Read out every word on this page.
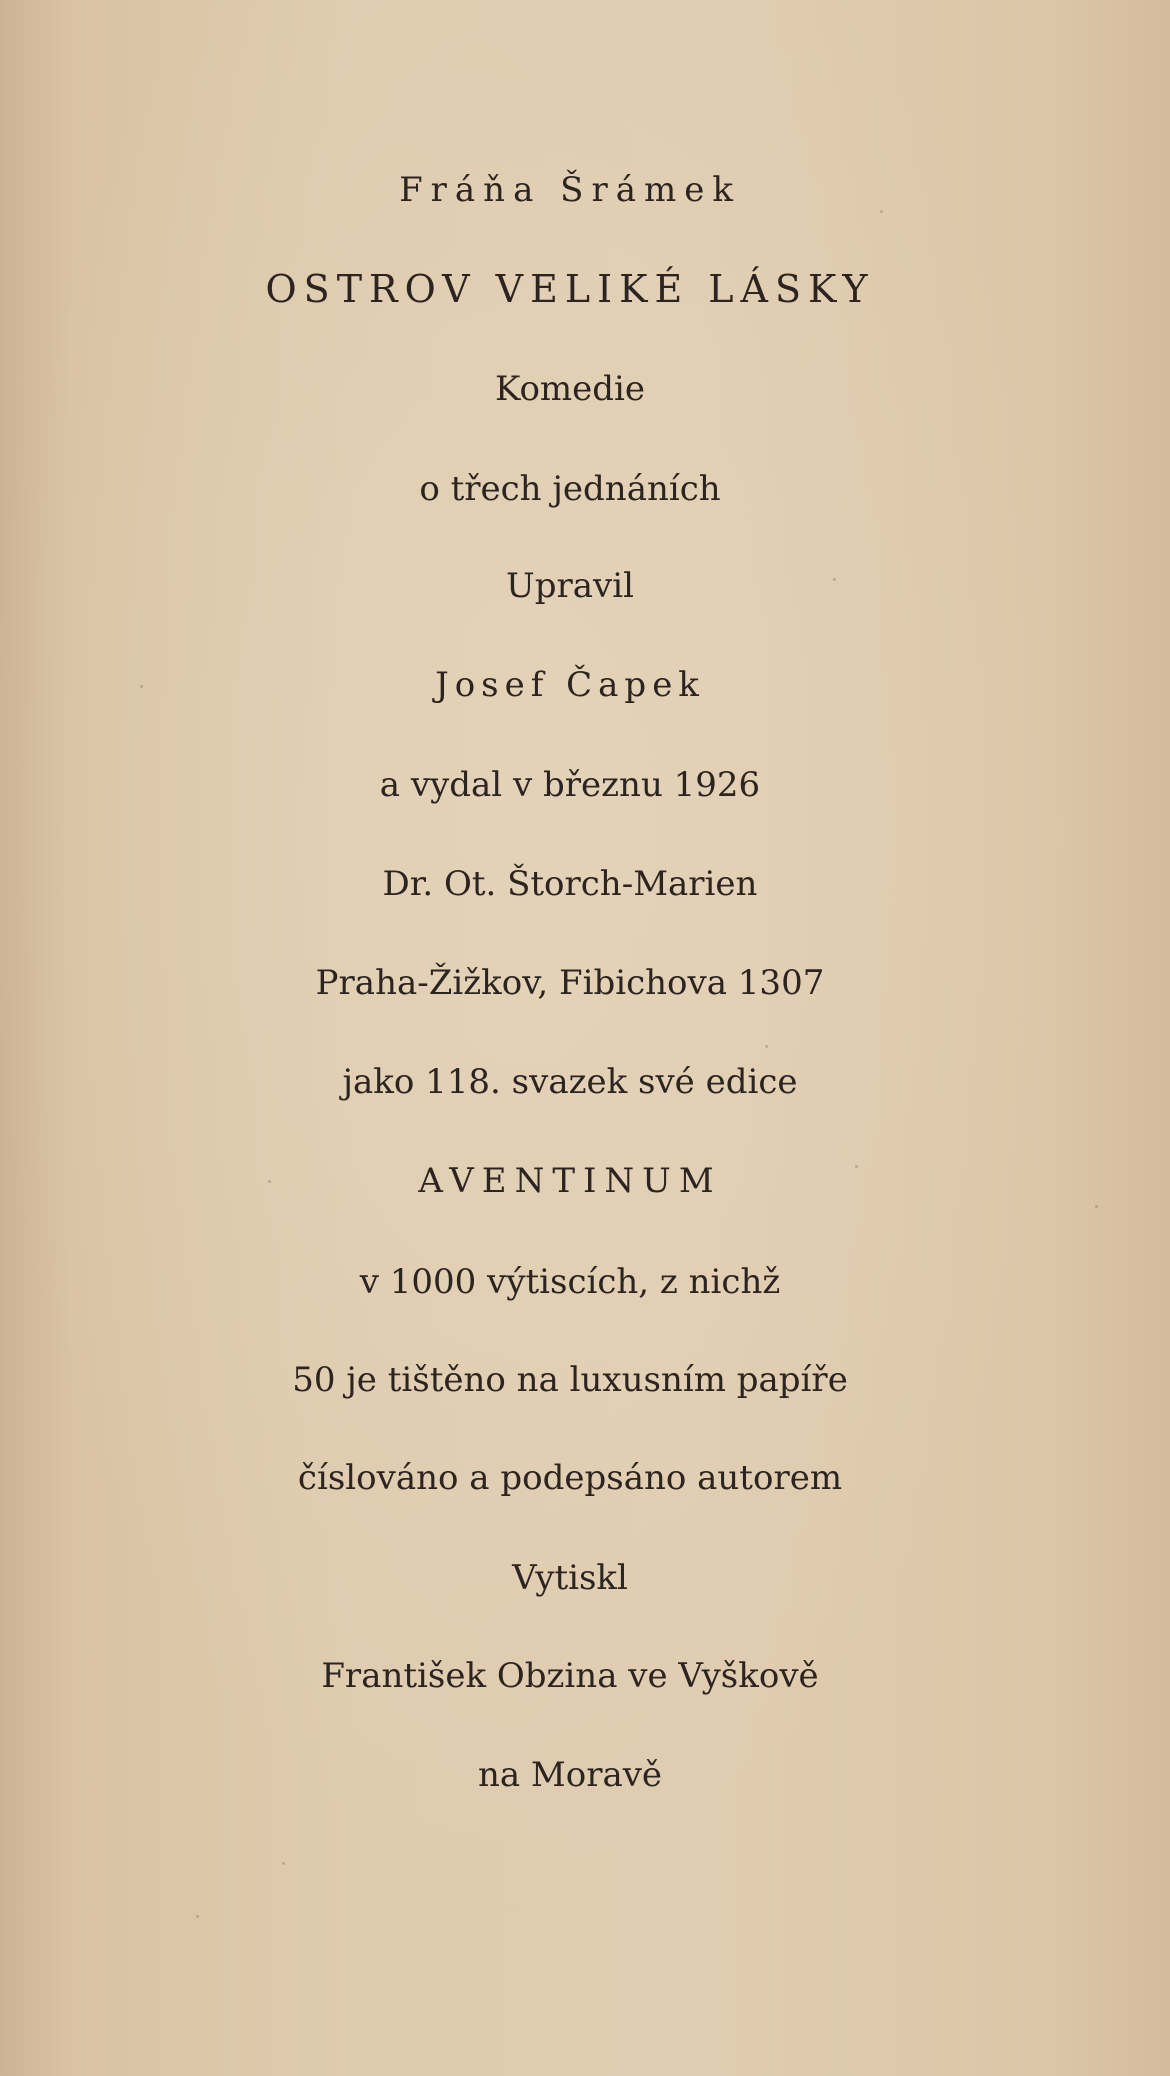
Fráňa Šrámek
OSTROV VELIKÉ LÁSKY
Komedie
o třech jednáních
Upravil
Josef Čapek
a vydal v březnu 1926
Dr. Ot. Štorch-Marien
Praha-Žižkov, Fibichova 1307
jako 118. svazek své edice
AVENTINUM
v 1000 výtiscích, z nichž
50 je tištěno na luxusním papíře
číslováno a podepsáno autorem
Vytiskl
František Obzina ve Vyškově
na Moravě
